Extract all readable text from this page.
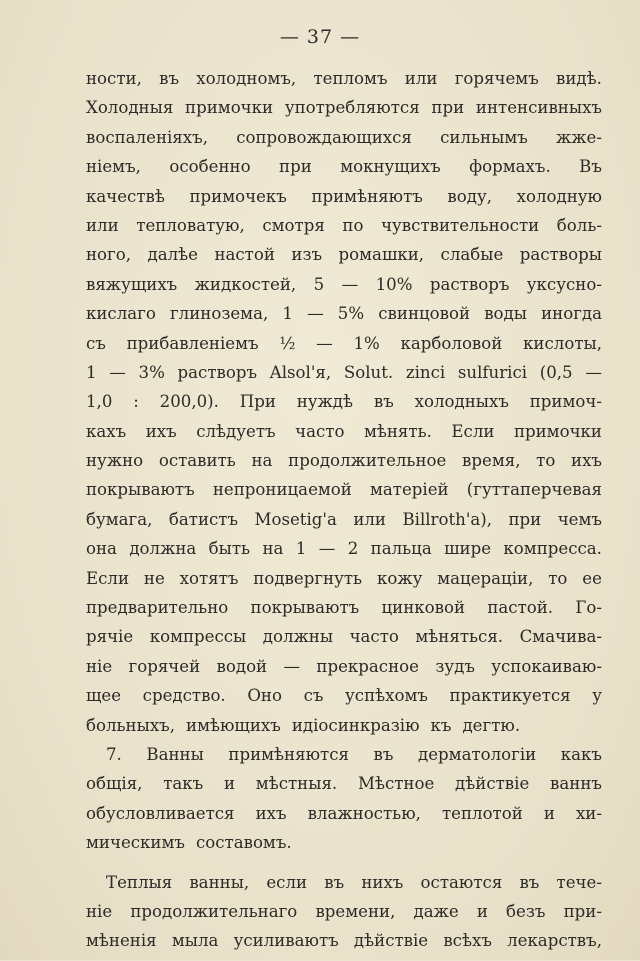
— 37 —
ности, въ холодномъ, тепломъ или горячемъ видѣ.
Холодныя примочки употребляются при интенсивныхъ
воспаленіяхъ, сопровождающихся сильнымъ жже-
ніемъ, особенно при мокнущихъ формахъ. Въ
качествѣ примочекъ примѣняютъ воду, холодную
или тепловатую, смотря по чувствительности боль-
ного, далѣе настой изъ ромашки, слабые растворы
вяжущихъ жидкостей, 5 — 10% растворъ уксусно-
кислаго глинозема, 1 — 5% свинцовой воды иногда
съ прибавленіемъ ½ — 1% карболовой кислоты,
1 — 3% растворъ Alsol'я, Solut. zinci sulfurici (0,5 —
1,0 : 200,0). При нуждѣ въ холодныхъ примоч-
кахъ ихъ слѣдуетъ часто мѣнять. Если примочки
нужно оставить на продолжительное время, то ихъ
покрываютъ непроницаемой матеріей (гуттаперчевая
бумага, батистъ Mosetig'a или Billroth'a), при чемъ
она должна быть на 1 — 2 пальца шире компресса.
Если не хотятъ подвергнуть кожу мацераціи, то ее
предварительно покрываютъ цинковой пастой. Го-
рячіе компрессы должны часто мѣняться. Смачива-
ніе горячей водой — прекрасное зудъ успокаиваю-
щее средство. Оно съ успѣхомъ практикуется у
больныхъ, имѣющихъ идіосинкразію къ дегтю.
7. Ванны примѣняются въ дерматологіи какъ
общія, такъ и мѣстныя. Мѣстное дѣйствіе ваннъ
обусловливается ихъ влажностью, теплотой и хи-
мическимъ составомъ.
Теплыя ванны, если въ нихъ остаются въ тече-
ніе продолжительнаго времени, даже и безъ при-
мѣненія мыла усиливаютъ дѣйствіе всѣхъ лекарствъ,
